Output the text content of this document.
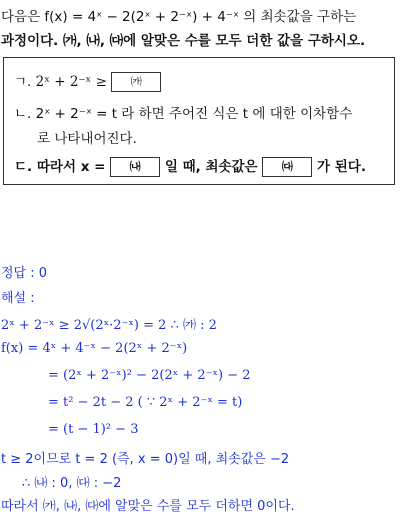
다음은 f(x) = 4ˣ − 2(2ˣ + 2⁻ˣ) + 4⁻ˣ 의 최솟값을 구하는
과정이다. ㈎, ㈏, ㈐에 알맞은 수를 모두 더한 값을 구하시오.
ㄱ. 2ˣ + 2⁻ˣ ≥ ㈎
ㄴ. 2ˣ + 2⁻ˣ = t 라 하면 주어진 식은 t 에 대한 이차함수
로 나타내어진다.
ㄷ. 따라서 x = ㈏ 일 때, 최솟값은 ㈐ 가 된다.
정답 : 0
해설 :
2ˣ + 2⁻ˣ ≥ 2√(2ˣ·2⁻ˣ) = 2 ∴ ㈎ : 2
f(x) = 4ˣ + 4⁻ˣ − 2(2ˣ + 2⁻ˣ)
= (2ˣ + 2⁻ˣ)² − 2(2ˣ + 2⁻ˣ) − 2
= t² − 2t − 2 ( ∵ 2ˣ + 2⁻ˣ = t)
= (t − 1)² − 3
t ≥ 2이므로 t = 2 (즉, x = 0)일 때, 최솟값은 −2
∴ ㈏ : 0, ㈐ : −2
따라서 ㈎, ㈏, ㈐에 알맞은 수를 모두 더하면 0이다.
